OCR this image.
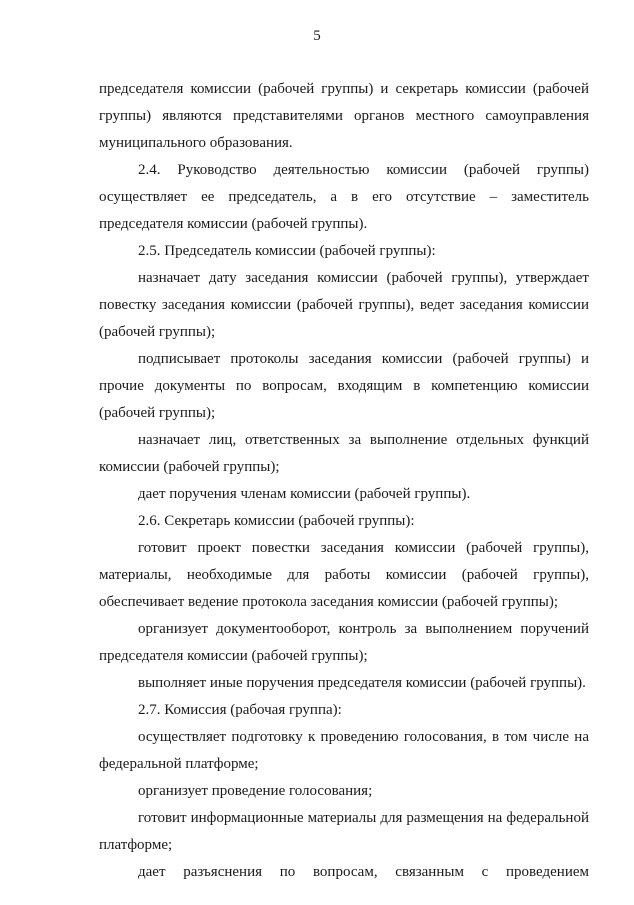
5

председателя комиссии (рабочей группы) и секретарь комиссии (рабочей группы) являются представителями органов местного самоуправления муниципального образования.

2.4. Руководство деятельностью комиссии (рабочей группы) осуществляет ее председатель, а в его отсутствие – заместитель председателя комиссии (рабочей группы).

2.5. Председатель комиссии (рабочей группы):

назначает дату заседания комиссии (рабочей группы), утверждает повестку заседания комиссии (рабочей группы), ведет заседания комиссии (рабочей группы);

подписывает протоколы заседания комиссии (рабочей группы) и прочие документы по вопросам, входящим в компетенцию комиссии (рабочей группы);

назначает лиц, ответственных за выполнение отдельных функций комиссии (рабочей группы);

дает поручения членам комиссии (рабочей группы).

2.6. Секретарь комиссии (рабочей группы):

готовит проект повестки заседания комиссии (рабочей группы), материалы, необходимые для работы комиссии (рабочей группы), обеспечивает ведение протокола заседания комиссии (рабочей группы);

организует документооборот, контроль за выполнением поручений председателя комиссии (рабочей группы);

выполняет иные поручения председателя комиссии (рабочей группы).

2.7. Комиссия (рабочая группа):

осуществляет подготовку к проведению голосования, в том числе на федеральной платформе;

организует проведение голосования;

готовит информационные материалы для размещения на федеральной платформе;

дает разъяснения по вопросам, связанным с проведением
